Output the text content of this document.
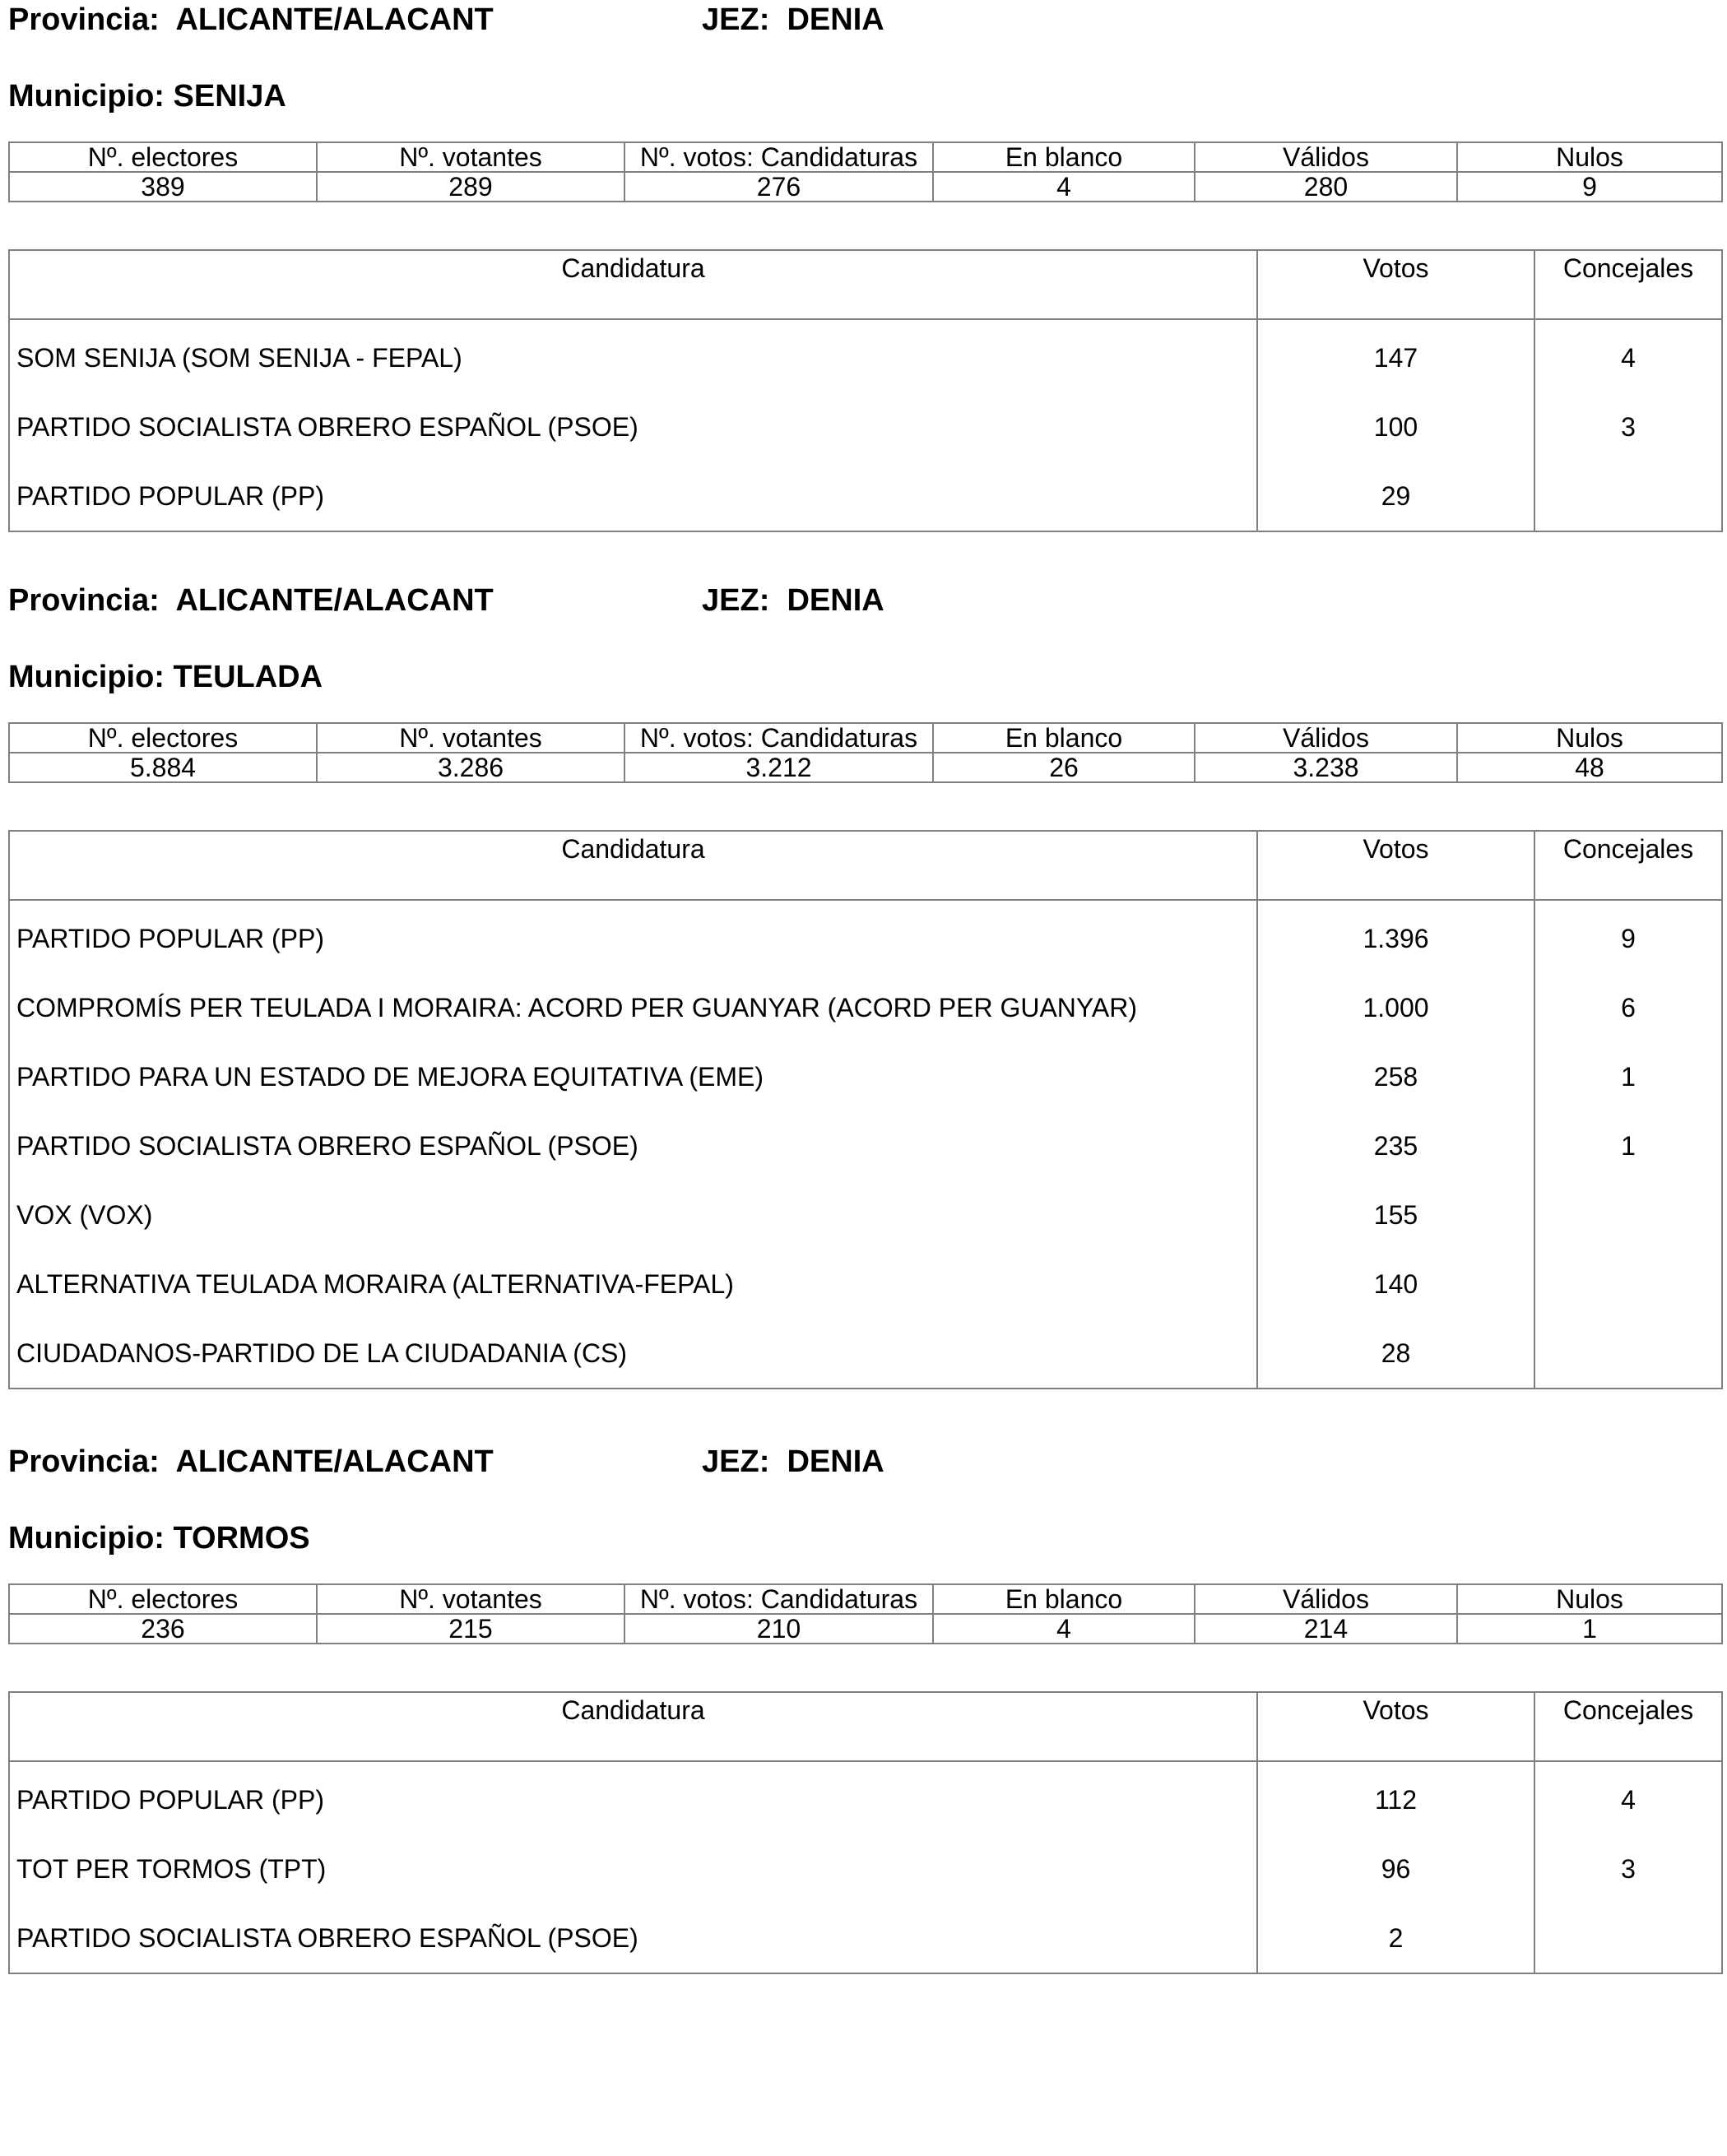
Provincia: ALICANTE/ALACANT	JEZ: DENIA
Municipio: SENIJA
Nº. electores	Nº. votantes	Nº. votos: Candidaturas	En blanco	Válidos	Nulos
389	289	276	4	280	9
Candidatura	Votos	Concejales
SOM SENIJA (SOM SENIJA - FEPAL)	147	4
PARTIDO SOCIALISTA OBRERO ESPAÑOL (PSOE)	100	3
PARTIDO POPULAR (PP)	29	
Provincia: ALICANTE/ALACANT	JEZ: DENIA
Municipio: TEULADA
Nº. electores	Nº. votantes	Nº. votos: Candidaturas	En blanco	Válidos	Nulos
5.884	3.286	3.212	26	3.238	48
Candidatura	Votos	Concejales
PARTIDO POPULAR (PP)	1.396	9
COMPROMÍS PER TEULADA I MORAIRA: ACORD PER GUANYAR (ACORD PER GUANYAR)	1.000	6
PARTIDO PARA UN ESTADO DE MEJORA EQUITATIVA (EME)	258	1
PARTIDO SOCIALISTA OBRERO ESPAÑOL (PSOE)	235	1
VOX (VOX)	155	
ALTERNATIVA TEULADA MORAIRA (ALTERNATIVA-FEPAL)	140	
CIUDADANOS-PARTIDO DE LA CIUDADANIA (CS)	28	
Provincia: ALICANTE/ALACANT	JEZ: DENIA
Municipio: TORMOS
Nº. electores	Nº. votantes	Nº. votos: Candidaturas	En blanco	Válidos	Nulos
236	215	210	4	214	1
Candidatura	Votos	Concejales
PARTIDO POPULAR (PP)	112	4
TOT PER TORMOS (TPT)	96	3
PARTIDO SOCIALISTA OBRERO ESPAÑOL (PSOE)	2	
